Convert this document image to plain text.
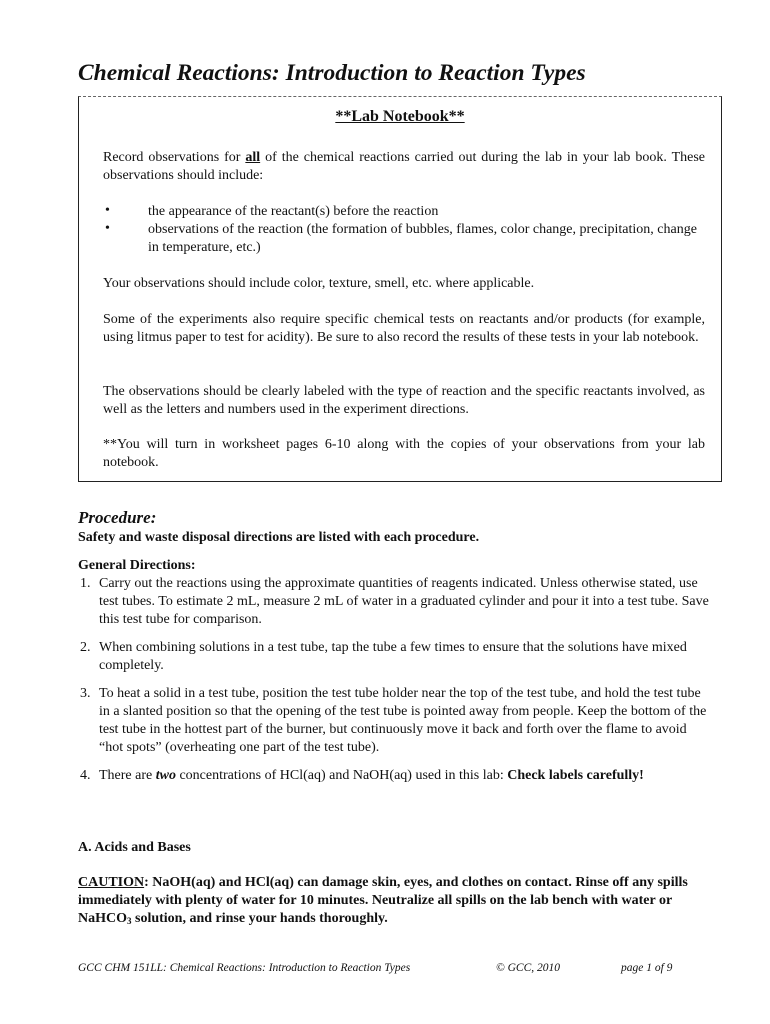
Chemical Reactions: Introduction to Reaction Types
**Lab Notebook**

Record observations for all of the chemical reactions carried out during the lab in your lab book. These observations should include:

•	the appearance of the reactant(s) before the reaction
•	observations of the reaction (the formation of bubbles, flames, color change, precipitation, change in temperature, etc.)

Your observations should include color, texture, smell, etc. where applicable.

Some of the experiments also require specific chemical tests on reactants and/or products (for example, using litmus paper to test for acidity). Be sure to also record the results of these tests in your lab notebook.

The observations should be clearly labeled with the type of reaction and the specific reactants involved, as well as the letters and numbers used in the experiment directions.

**You will turn in worksheet pages 6-10 along with the copies of your observations from your lab notebook.

Procedure:
Safety and waste disposal directions are listed with each procedure.
General Directions:
1. Carry out the reactions using the approximate quantities of reagents indicated. Unless otherwise stated, use test tubes. To estimate 2 mL, measure 2 mL of water in a graduated cylinder and pour it into a test tube. Save this test tube for comparison.
2. When combining solutions in a test tube, tap the tube a few times to ensure that the solutions have mixed completely.
3. To heat a solid in a test tube, position the test tube holder near the top of the test tube, and hold the test tube in a slanted position so that the opening of the test tube is pointed away from people. Keep the bottom of the test tube in the hottest part of the burner, but continuously move it back and forth over the flame to avoid “hot spots” (overheating one part of the test tube).
4. There are two concentrations of HCl(aq) and NaOH(aq) used in this lab: Check labels carefully!
A. Acids and Bases
CAUTION: NaOH(aq) and HCl(aq) can damage skin, eyes, and clothes on contact. Rinse off any spills immediately with plenty of water for 10 minutes. Neutralize all spills on the lab bench with water or NaHCO$_3$ solution, and rinse your hands thoroughly.
GCC CHM 151LL: Chemical Reactions: Introduction to Reaction Types	© GCC, 2010	page 1 of 9
